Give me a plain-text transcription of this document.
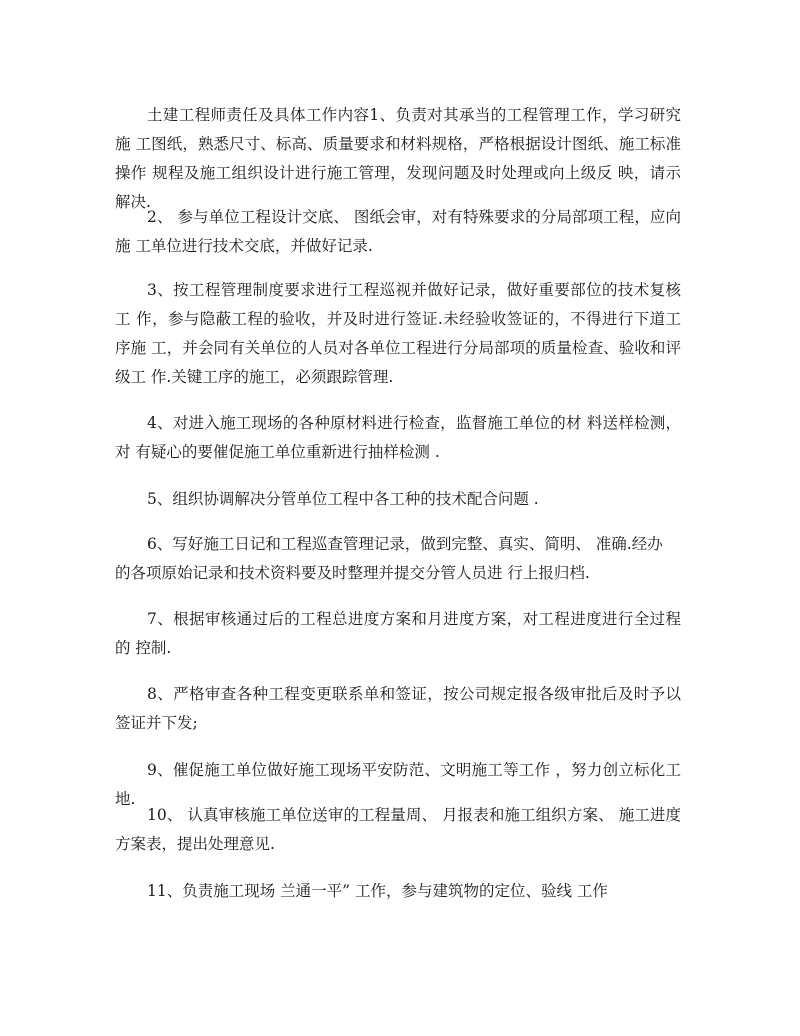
土建工程师责任及具体工作内容1、负责对其承当的工程管理工作，学习研究施 工图纸，熟悉尺寸、标高、质量要求和材料规格，严格根据设计图纸、施工标准操作 规程及施工组织设计进行施工管理，发现问题及时处理或向上级反 映，请示解决.

2、 参与单位工程设计交底、 图纸会审，对有特殊要求的分局部项工程，应向施 工单位进行技术交底，并做好记录.

3、按工程管理制度要求进行工程巡视并做好记录，做好重要部位的技术复核工 作，参与隐蔽工程的验收，并及时进行签证.未经验收签证的，不得进行下道工序施 工，并会同有关单位的人员对各单位工程进行分局部项的质量检查、验收和评级工 作.关键工序的施工，必须跟踪管理.

4、对进入施工现场的各种原材料进行检查，监督施工单位的材 料送样检测，对 有疑心的要催促施工单位重新进行抽样检测 .

5、组织协调解决分管单位工程中各工种的技术配合问题 .

6、写好施工日记和工程巡查管理记录，做到完整、真实、简明、 准确.经办

的各项原始记录和技术资料要及时整理并提交分管人员进 行上报归档.

7、根据审核通过后的工程总进度方案和月进度方案，对工程进度进行全过程的 控制.

8、严格审查各种工程变更联系单和签证，按公司规定报各级审批后及时予以 签证并下发;

9、催促施工单位做好施工现场平安防范、文明施工等工作 ，努力创立标化工 地.

10、 认真审核施工单位送审的工程量周、 月报表和施工组织方案、 施工进度 方案表，提出处理意见.

11、负责施工现场 兰通一平” 工作，参与建筑物的定位、验线 工作
